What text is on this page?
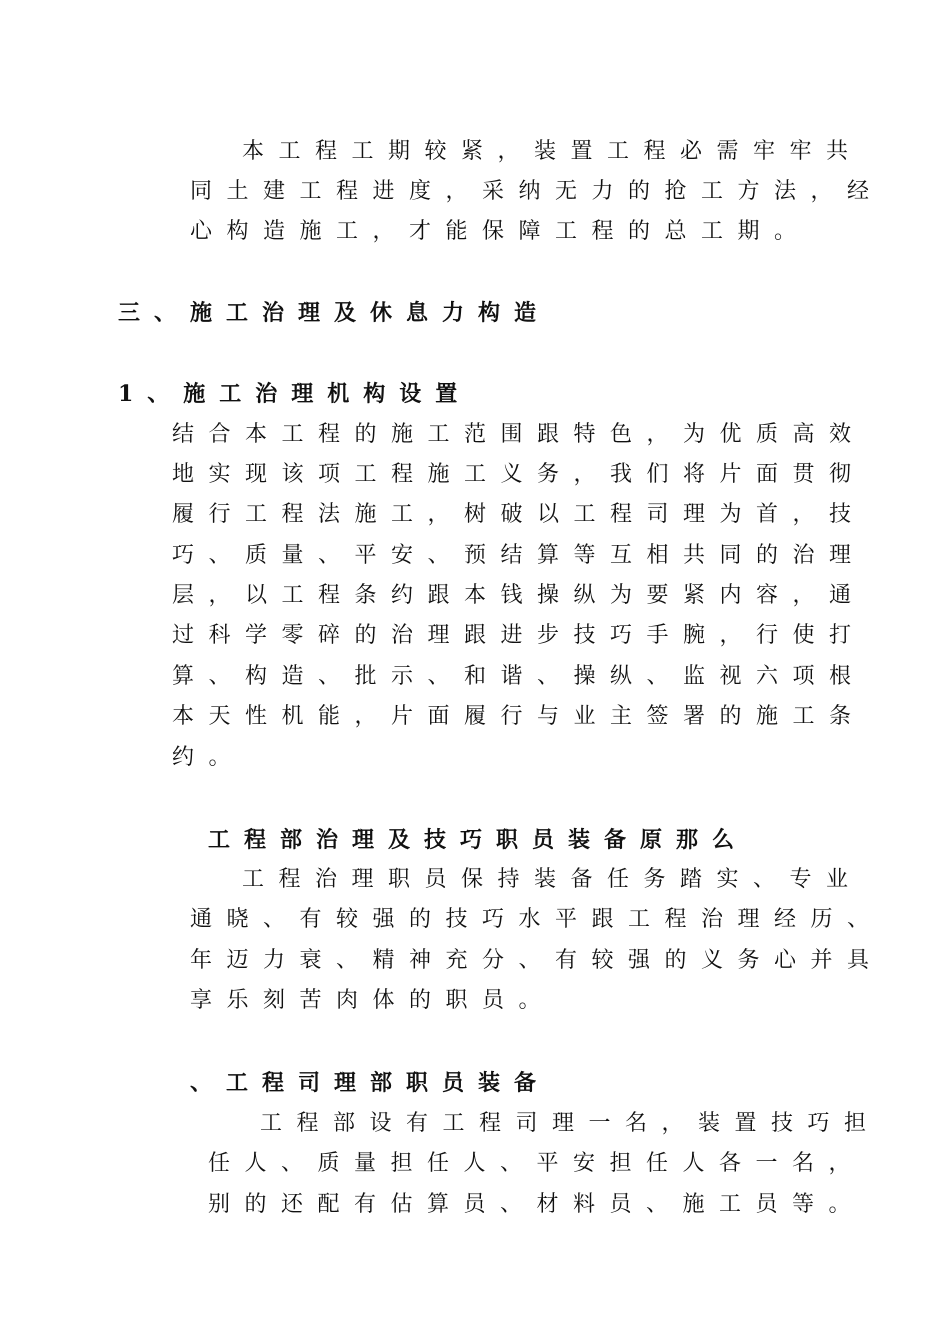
本工程工期较紧，装置工程必需牢牢共
同土建工程进度，采纳无力的抢工方法，经
心构造施工，才能保障工程的总工期。
三、施工治理及休息力构造
1、施工治理机构设置
结合本工程的施工范围跟特色，为优质高效
地实现该项工程施工义务，我们将片面贯彻
履行工程法施工，树破以工程司理为首，技
巧、质量、平安、预结算等互相共同的治理
层，以工程条约跟本钱操纵为要紧内容，通
过科学零碎的治理跟进步技巧手腕，行使打
算、构造、批示、和谐、操纵、监视六项根
本天性机能，片面履行与业主签署的施工条
约。
工程部治理及技巧职员装备原那么
工程治理职员保持装备任务踏实、专业
通晓、有较强的技巧水平跟工程治理经历、
年迈力衰、精神充分、有较强的义务心并具
享乐刻苦肉体的职员。
、工程司理部职员装备
工程部设有工程司理一名，装置技巧担
任人、质量担任人、平安担任人各一名，
别的还配有估算员、材料员、施工员等。
